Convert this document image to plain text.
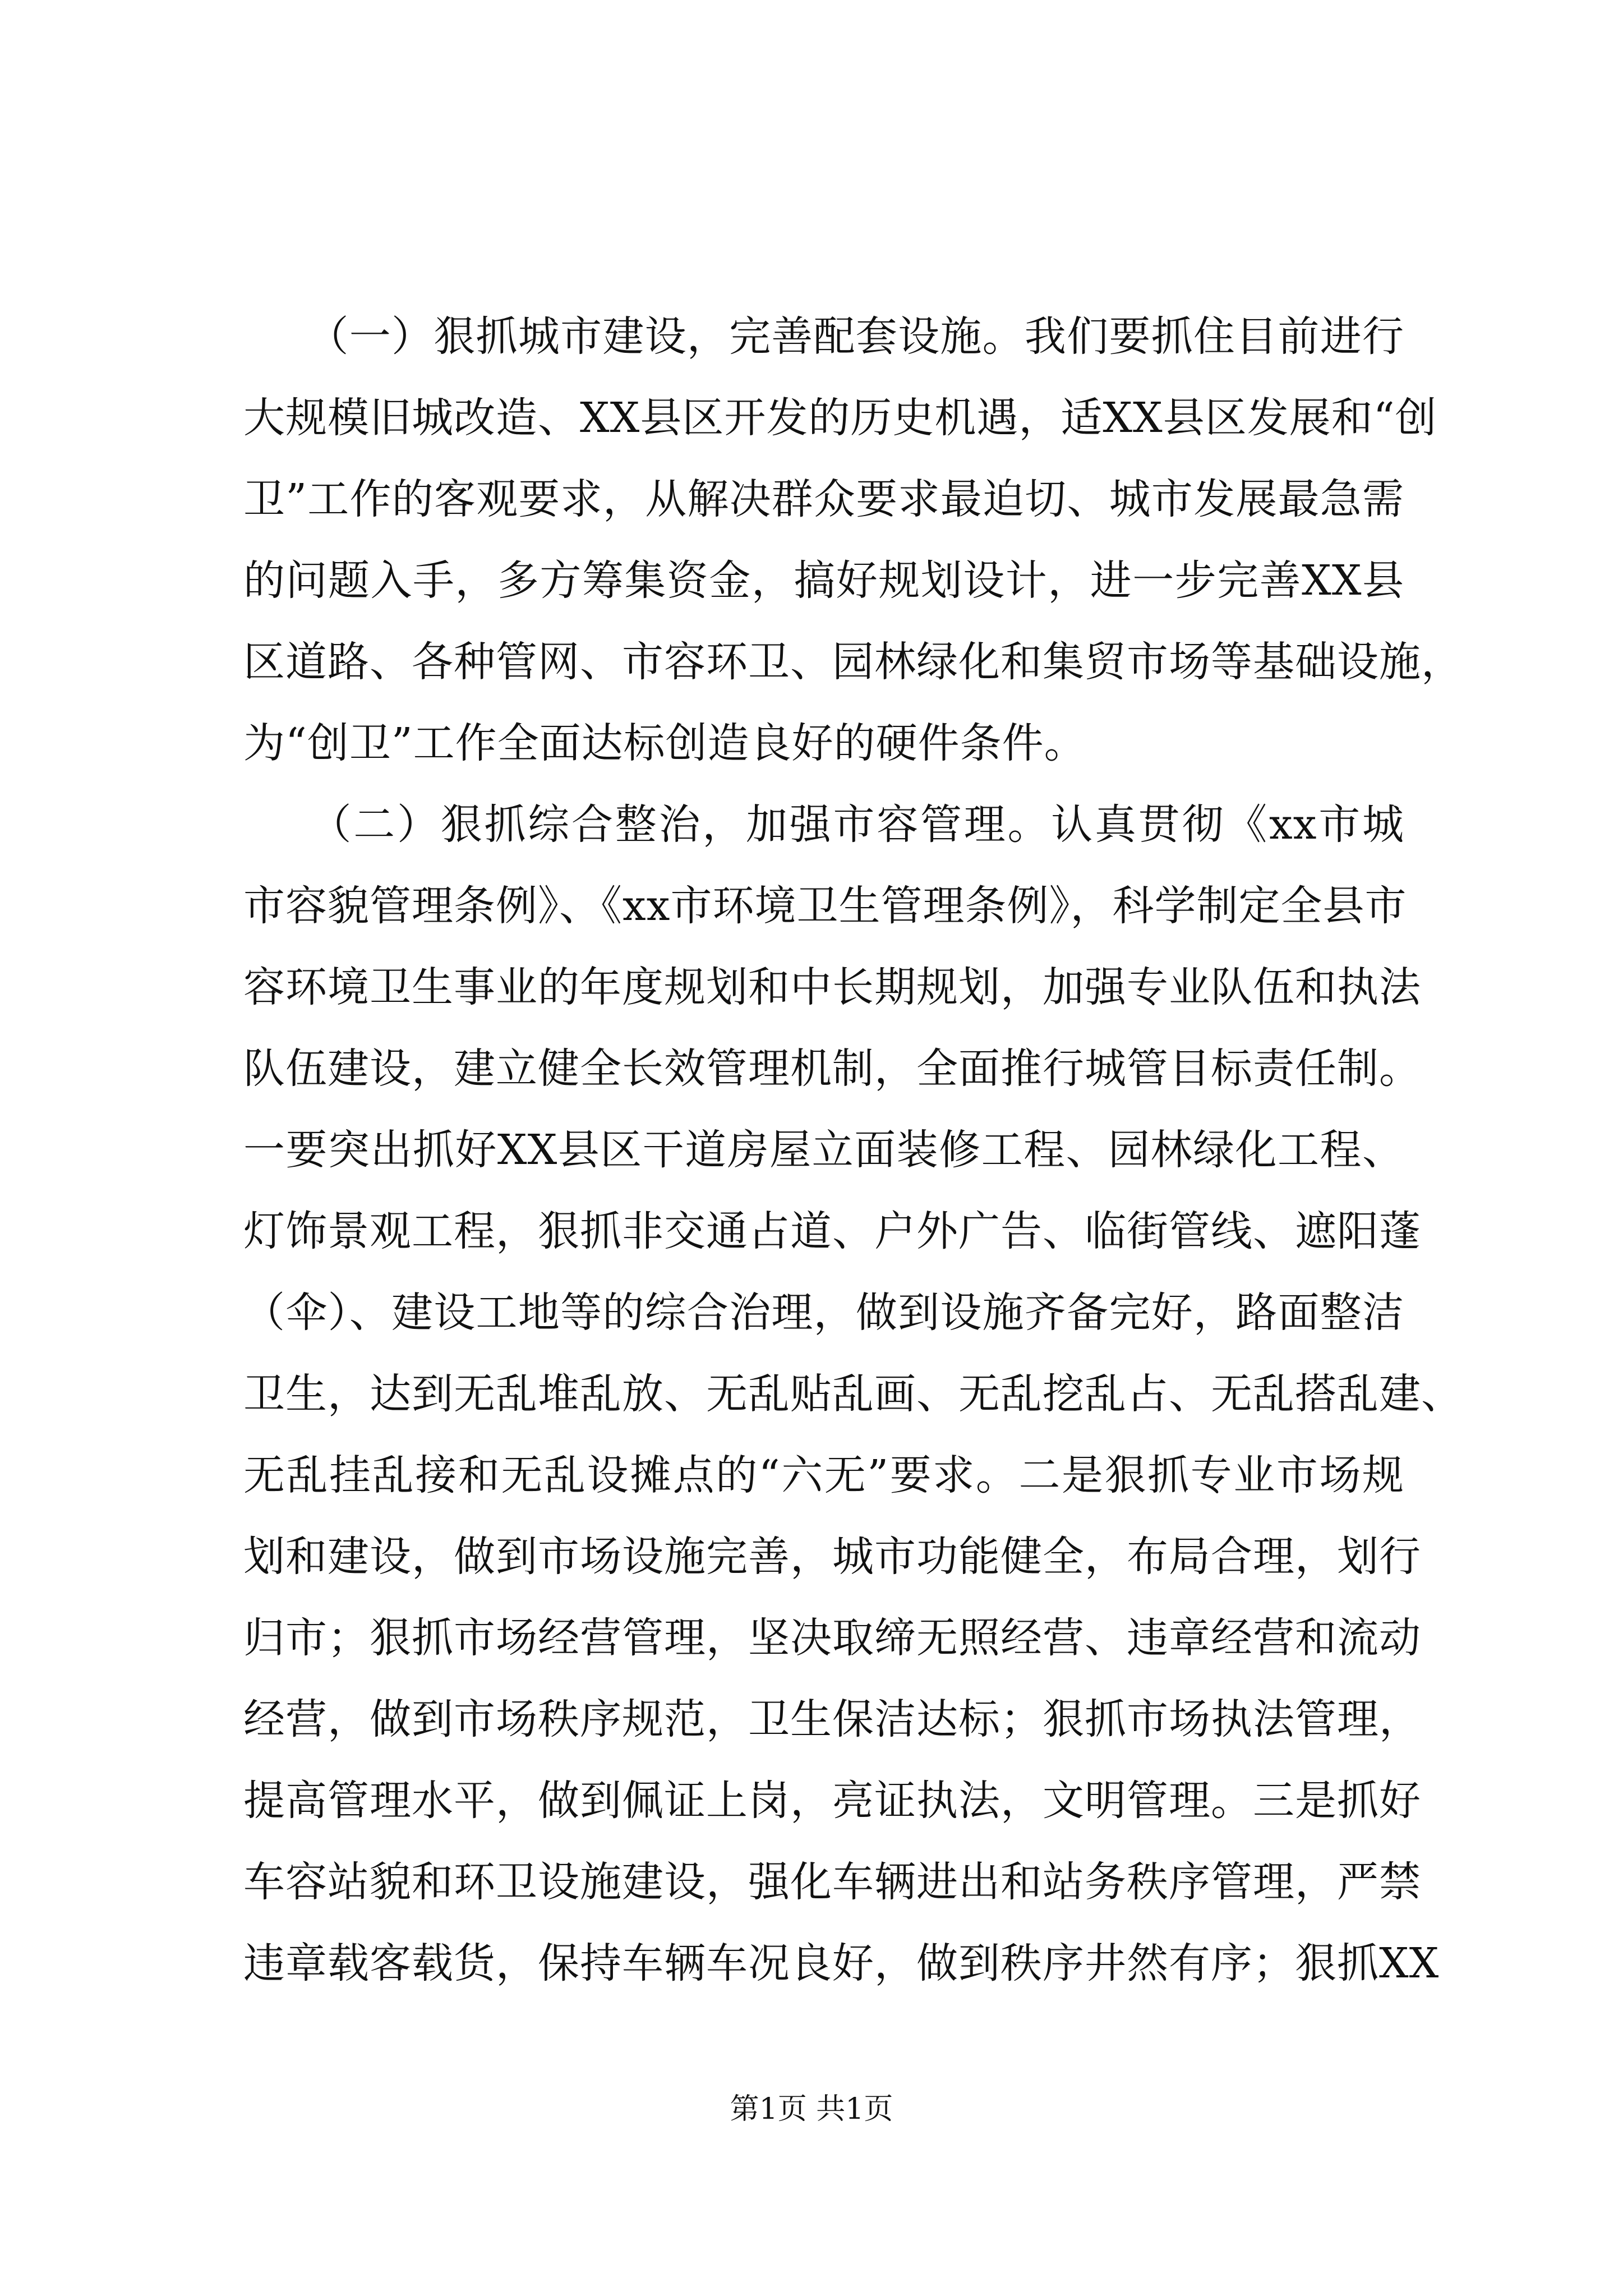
　　（一）狠抓城市建设，完善配套设施。我们要抓住目前进行
大规模旧城改造、XX县区开发的历史机遇，适XX县区发展和“创
卫”工作的客观要求，从解决群众要求最迫切、城市发展最急需
的问题入手，多方筹集资金，搞好规划设计，进一步完善XX县
区道路、各种管网、市容环卫、园林绿化和集贸市场等基础设施，
为“创卫”工作全面达标创造良好的硬件条件。
　　（二）狠抓综合整治，加强市容管理。认真贯彻《xx市城
市容貌管理条例》、《xx市环境卫生管理条例》，科学制定全县市
容环境卫生事业的年度规划和中长期规划，加强专业队伍和执法
队伍建设，建立健全长效管理机制，全面推行城管目标责任制。
一要突出抓好XX县区干道房屋立面装修工程、园林绿化工程、
灯饰景观工程，狠抓非交通占道、户外广告、临街管线、遮阳蓬
（伞）、建设工地等的综合治理，做到设施齐备完好，路面整洁
卫生，达到无乱堆乱放、无乱贴乱画、无乱挖乱占、无乱搭乱建、
无乱挂乱接和无乱设摊点的“六无”要求。二是狠抓专业市场规
划和建设，做到市场设施完善，城市功能健全，布局合理，划行
归市；狠抓市场经营管理，坚决取缔无照经营、违章经营和流动
经营，做到市场秩序规范，卫生保洁达标；狠抓市场执法管理，
提高管理水平，做到佩证上岗，亮证执法，文明管理。三是抓好
车容站貌和环卫设施建设，强化车辆进出和站务秩序管理，严禁
违章载客载货，保持车辆车况良好，做到秩序井然有序；狠抓XX
第1页 共1页
